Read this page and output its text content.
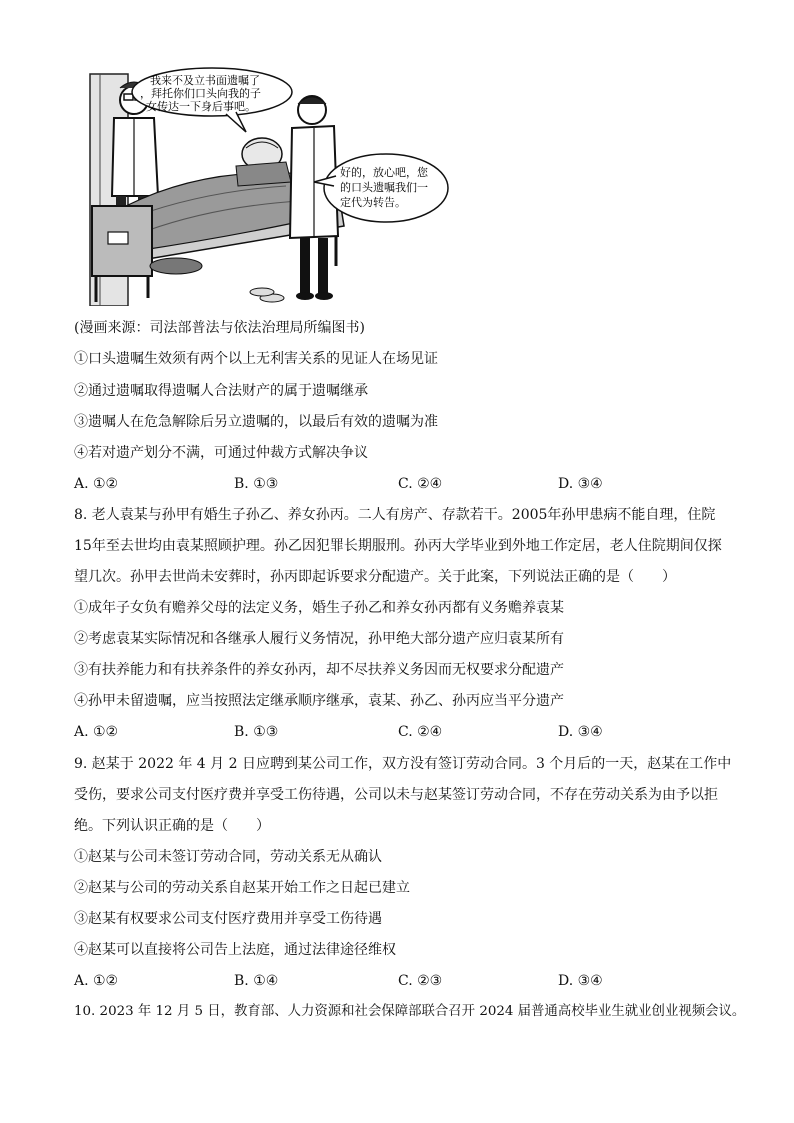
我来不及立书面遗嘱了
，拜托你们口头向我的子
女传达一下身后事吧。
好的，放心吧，您
的口头遗嘱我们一
定代为转告。
(漫画来源：司法部普法与依法治理局所编图书)
①口头遗嘱生效须有两个以上无利害关系的见证人在场见证
②通过遗嘱取得遗嘱人合法财产的属于遗嘱继承
③遗嘱人在危急解除后另立遗嘱的，以最后有效的遗嘱为准
④若对遗产划分不满，可通过仲裁方式解决争议
A. ①②	B. ①③	C. ②④	D. ③④
8. 老人袁某与孙甲有婚生子孙乙、养女孙丙。二人有房产、存款若干。2005年孙甲患病不能自理，住院
15年至去世均由袁某照顾护理。孙乙因犯罪长期服刑。孙丙大学毕业到外地工作定居，老人住院期间仅探
望几次。孙甲去世尚未安葬时，孙丙即起诉要求分配遗产。关于此案，下列说法正确的是（　　）
①成年子女负有赡养父母的法定义务，婚生子孙乙和养女孙丙都有义务赡养袁某
②考虑袁某实际情况和各继承人履行义务情况，孙甲绝大部分遗产应归袁某所有
③有扶养能力和有扶养条件的养女孙丙，却不尽扶养义务因而无权要求分配遗产
④孙甲未留遗嘱，应当按照法定继承顺序继承，袁某、孙乙、孙丙应当平分遗产
A. ①②	B. ①③	C. ②④	D. ③④
9. 赵某于 2022 年 4 月 2 日应聘到某公司工作，双方没有签订劳动合同。3 个月后的一天，赵某在工作中
受伤，要求公司支付医疗费并享受工伤待遇，公司以未与赵某签订劳动合同，不存在劳动关系为由予以拒
绝。下列认识正确的是（　　）
①赵某与公司未签订劳动合同，劳动关系无从确认
②赵某与公司的劳动关系自赵某开始工作之日起已建立
③赵某有权要求公司支付医疗费用并享受工伤待遇
④赵某可以直接将公司告上法庭，通过法律途径维权
A. ①②	B. ①④	C. ②③	D. ③④
10. 2023 年 12 月 5 日，教育部、人力资源和社会保障部联合召开 2024 届普通高校毕业生就业创业视频会议。
